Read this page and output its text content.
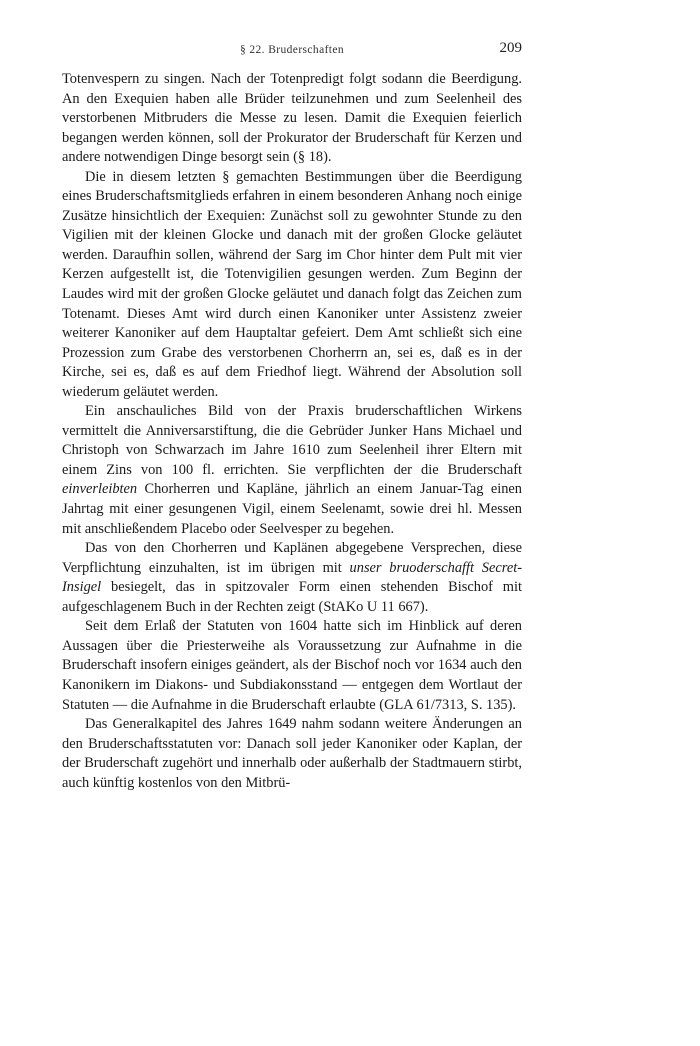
§ 22. Bruderschaften	209

Totenvespern zu singen. Nach der Totenpredigt folgt sodann die Beerdigung. An den Exequien haben alle Brüder teilzunehmen und zum Seelenheil des verstorbenen Mitbruders die Messe zu lesen. Damit die Exequien feierlich begangen werden können, soll der Prokurator der Bruderschaft für Kerzen und andere notwendigen Dinge besorgt sein (§ 18).

Die in diesem letzten § gemachten Bestimmungen über die Beerdigung eines Bruderschaftsmitglieds erfahren in einem besonderen Anhang noch einige Zusätze hinsichtlich der Exequien: Zunächst soll zu gewohnter Stunde zu den Vigilien mit der kleinen Glocke und danach mit der großen Glocke geläutet werden. Daraufhin sollen, während der Sarg im Chor hinter dem Pult mit vier Kerzen aufgestellt ist, die Totenvigilien gesungen werden. Zum Beginn der Laudes wird mit der großen Glocke geläutet und danach folgt das Zeichen zum Totenamt. Dieses Amt wird durch einen Kanoniker unter Assistenz zweier weiterer Kanoniker auf dem Hauptaltar gefeiert. Dem Amt schließt sich eine Prozession zum Grabe des verstorbenen Chorherrn an, sei es, daß es in der Kirche, sei es, daß es auf dem Friedhof liegt. Während der Absolution soll wiederum geläutet werden.

Ein anschauliches Bild von der Praxis bruderschaftlichen Wirkens vermittelt die Anniversarstiftung, die die Gebrüder Junker Hans Michael und Christoph von Schwarzach im Jahre 1610 zum Seelenheil ihrer Eltern mit einem Zins von 100 fl. errichten. Sie verpflichten der die Bruderschaft einverleibten Chorherren und Kapläne, jährlich an einem Januar-Tag einen Jahrtag mit einer gesungenen Vigil, einem Seelenamt, sowie drei hl. Messen mit anschließendem Placebo oder Seelvesper zu begehen.

Das von den Chorherren und Kaplänen abgegebene Versprechen, diese Verpflichtung einzuhalten, ist im übrigen mit unser bruoderschafft Secret-Insigel besiegelt, das in spitzovaler Form einen stehenden Bischof mit aufgeschlagenem Buch in der Rechten zeigt (StAKo U 11 667).

Seit dem Erlaß der Statuten von 1604 hatte sich im Hinblick auf deren Aussagen über die Priesterweihe als Voraussetzung zur Aufnahme in die Bruderschaft insofern einiges geändert, als der Bischof noch vor 1634 auch den Kanonikern im Diakons- und Subdiakonsstand — entgegen dem Wortlaut der Statuten — die Aufnahme in die Bruderschaft erlaubte (GLA 61/7313, S. 135).

Das Generalkapitel des Jahres 1649 nahm sodann weitere Änderungen an den Bruderschaftsstatuten vor: Danach soll jeder Kanoniker oder Kaplan, der der Bruderschaft zugehört und innerhalb oder außerhalb der Stadtmauern stirbt, auch künftig kostenlos von den Mitbrü-
